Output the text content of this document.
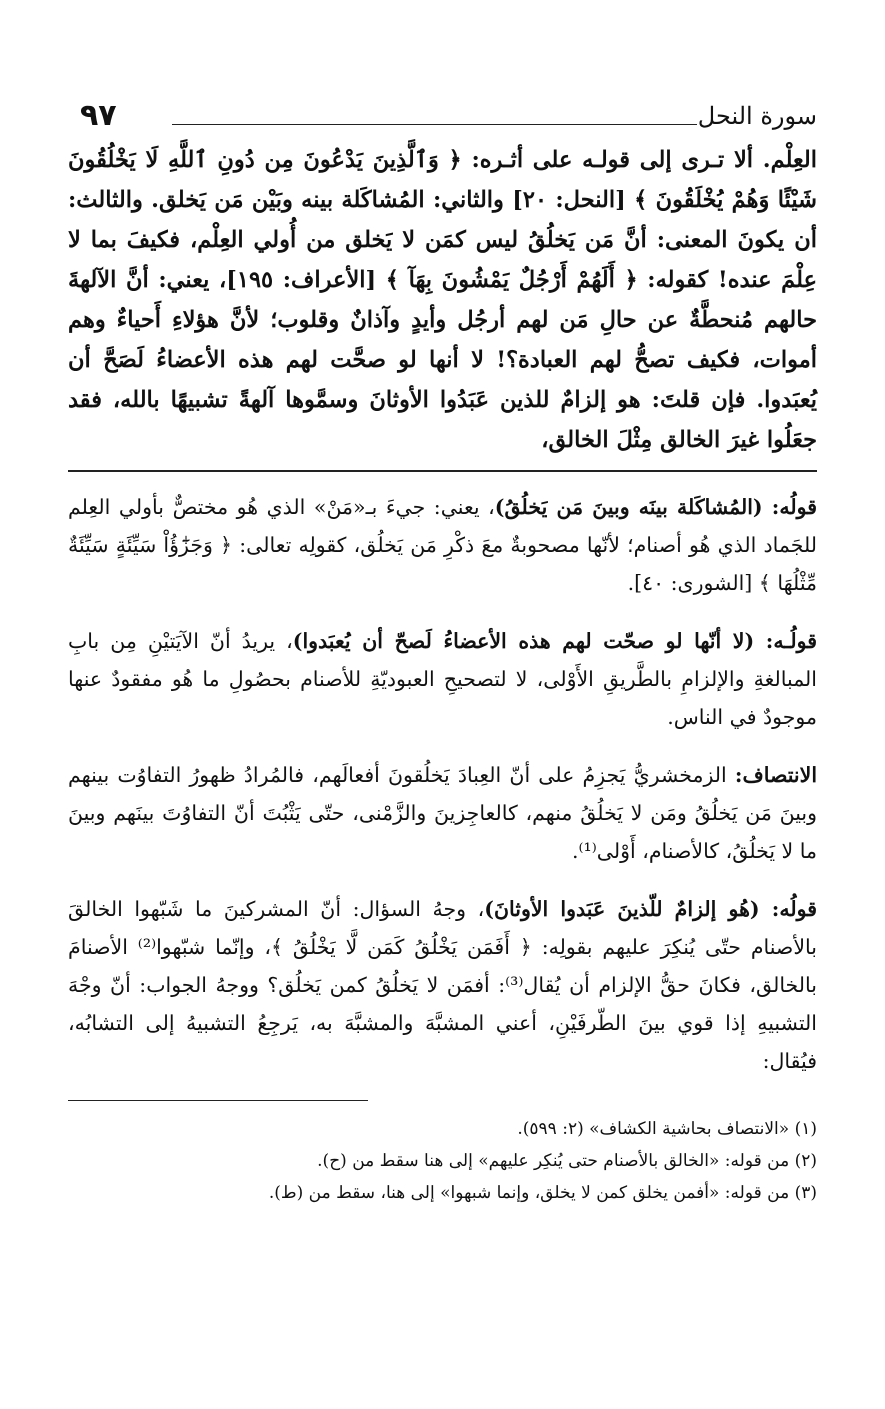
سورة النحل
٩٧

العِلْم. ألا تـرى إلى قولـه على أثـره: ﴿ وَٱلَّذِينَ يَدْعُونَ مِن دُونِ ٱللَّهِ لَا يَخْلُقُونَ شَيْئًا وَهُمْ يُخْلَقُونَ ﴾ [النحل: ٢٠] والثاني: المُشاكَلة بينه وبَيْن مَن يَخلق. والثالث: أن يكونَ المعنى: أنَّ مَن يَخلُقُ ليس كمَن لا يَخلق من أُولي العِلْم، فكيفَ بما لا عِلْمَ عنده! كقوله: ﴿ أَلَهُمْ أَرْجُلٌ يَمْشُونَ بِهَآ ﴾ [الأعراف: ١٩٥]، يعني: أنَّ الآلهةَ حالهم مُنحطَّةٌ عن حالِ مَن لهم أرجُل وأيدٍ وآذانٌ وقلوب؛ لأنَّ هؤلاءِ أَحياءٌ وهم أموات، فكيف تصحُّ لهم العبادة؟! لا أنها لو صحَّت لهم هذه الأعضاءُ لَصَحَّ أن يُعبَدوا. فإن قلتَ: هو إلزامٌ للذين عَبَدُوا الأوثانَ وسمَّوها آلهةً تشبيهًا بالله، فقد جعَلُوا غيرَ الخالق مِثْلَ الخالق،

قولُه: (المُشاكَلة بينَه وبينَ مَن يَخلُقُ)، يعني: جيءَ بـ«مَنْ» الذي هُو مختصٌّ بأولي العِلم للجَماد الذي هُو أصنام؛ لأنّها مصحوبةٌ معَ ذكْرِ مَن يَخلُق، كقولِه تعالى: ﴿ وَجَزَٰٓؤُاْ سَيِّئَةٍ سَيِّئَةٌ مِّثْلُهَا ﴾ [الشورى: ٤٠].

قولُـه: (لا أنّها لو صحّت لهم هذه الأعضاءُ لَصحّ أن يُعبَدوا)، يريدُ أنّ الآيَتيْنِ مِن بابِ المبالغةِ والإلزامِ بالطَّريقِ الأَوْلى، لا لتصحيحِ العبوديّةِ للأصنام بحصُولِ ما هُو مفقودٌ عنها موجودٌ في الناس.

الانتصاف: الزمخشريُّ يَجزِمُ على أنّ العِبادَ يَخلُقونَ أفعالَهم، فالمُرادُ ظهورُ التفاوُت بينهم وبينَ مَن يَخلُقُ ومَن لا يَخلُقُ منهم، كالعاجِزينَ والزَّمْنى، حتّى يَثْبُتَ أنّ التفاوُتَ بينَهم وبينَ ما لا يَخلُقُ، كالأصنام، أَوْلى⁽¹⁾.

قولُه: (هُو إلزامٌ للّذينَ عَبَدوا الأوثانَ)، وجهُ السؤال: أنّ المشركينَ ما شَبّهوا الخالقَ بالأصنام حتّى يُنكِرَ عليهم بقولِه: ﴿ أَفَمَن يَخْلُقُ كَمَن لَّا يَخْلُقُ ﴾، وإنّما شبّهوا⁽²⁾ الأصنامَ بالخالق، فكانَ حقُّ الإلزام أن يُقال⁽³⁾: أفمَن لا يَخلُقُ كمن يَخلُق؟ ووجهُ الجواب: أنّ وجْهَ التشبيهِ إذا قوي بينَ الطّرفَيْنِ، أعني المشبَّهَ والمشبَّهَ به، يَرجِعُ التشبيهُ إلى التشابُه، فيُقال:

(١) «الانتصاف بحاشية الكشاف» (٢: ٥٩٩).

(٢) من قوله: «الخالق بالأصنام حتى يُنكِر عليهم» إلى هنا سقط من (ح).

(٣) من قوله: «أفمن يخلق كمن لا يخلق، وإنما شبهوا» إلى هنا، سقط من (ط).
